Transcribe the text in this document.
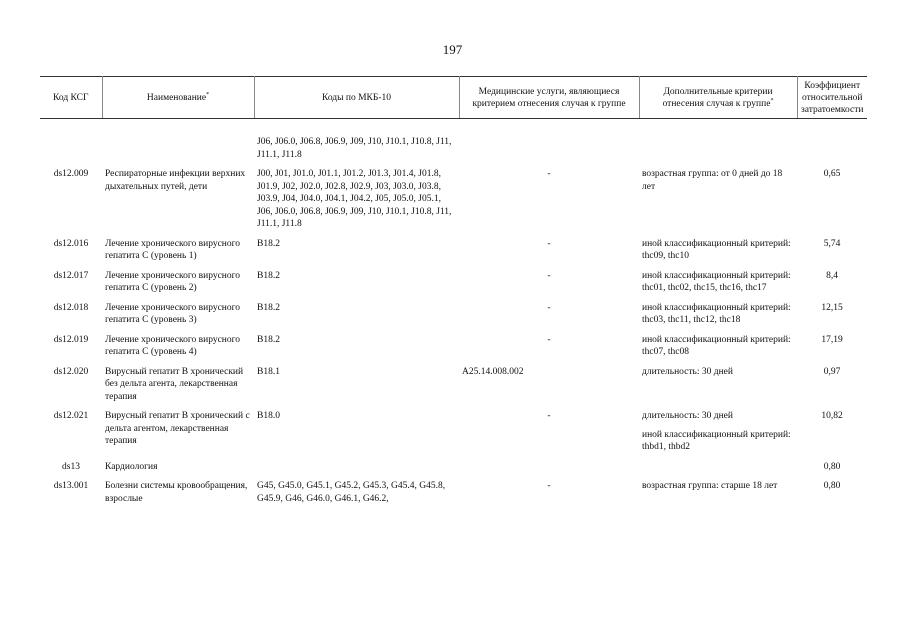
197
Код КСГ	Наименование*	Коды по МКБ-10	Медицинские услуги, являющиеся критерием отнесения случая к группе	Дополнительные критерии отнесения случая к группе*	Коэффициент относительной затратоемкости

		J06, J06.0, J06.8, J06.9, J09, J10, J10.1, J10.8, J11, J11.1, J11.8			
ds12.009	Респираторные инфекции верхних дыхательных путей, дети	J00, J01, J01.0, J01.1, J01.2, J01.3, J01.4, J01.8, J01.9, J02, J02.0, J02.8, J02.9, J03, J03.0, J03.8, J03.9, J04, J04.0, J04.1, J04.2, J05, J05.0, J05.1, J06, J06.0, J06.8, J06.9, J09, J10, J10.1, J10.8, J11, J11.1, J11.8	-	возрастная группа: от 0 дней до 18 лет	0,65
ds12.016	Лечение хронического вирусного гепатита C (уровень 1)	B18.2	-	иной классификационный критерий: thc09, thc10	5,74
ds12.017	Лечение хронического вирусного гепатита C (уровень 2)	B18.2	-	иной классификационный критерий: thc01, thc02, thc15, thc16, thc17	8,4
ds12.018	Лечение хронического вирусного гепатита C (уровень 3)	B18.2	-	иной классификационный критерий: thc03, thc11, thc12, thc18	12,15
ds12.019	Лечение хронического вирусного гепатита C (уровень 4)	B18.2	-	иной классификационный критерий: thc07, thc08	17,19
ds12.020	Вирусный гепатит B хронический без дельта агента, лекарственная терапия	B18.1	A25.14.008.002	длительность: 30 дней	0,97
ds12.021	Вирусный гепатит B хронический с дельта агентом, лекарственная терапия	B18.0	-	длительность: 30 дней
иной классификационный критерий: thbd1, thbd2	10,82
ds13	Кардиология				0,80
ds13.001	Болезни системы кровообращения, взрослые	G45, G45.0, G45.1, G45.2, G45.3, G45.4, G45.8, G45.9, G46, G46.0, G46.1, G46.2,	-	возрастная группа: старше 18 лет	0,80
